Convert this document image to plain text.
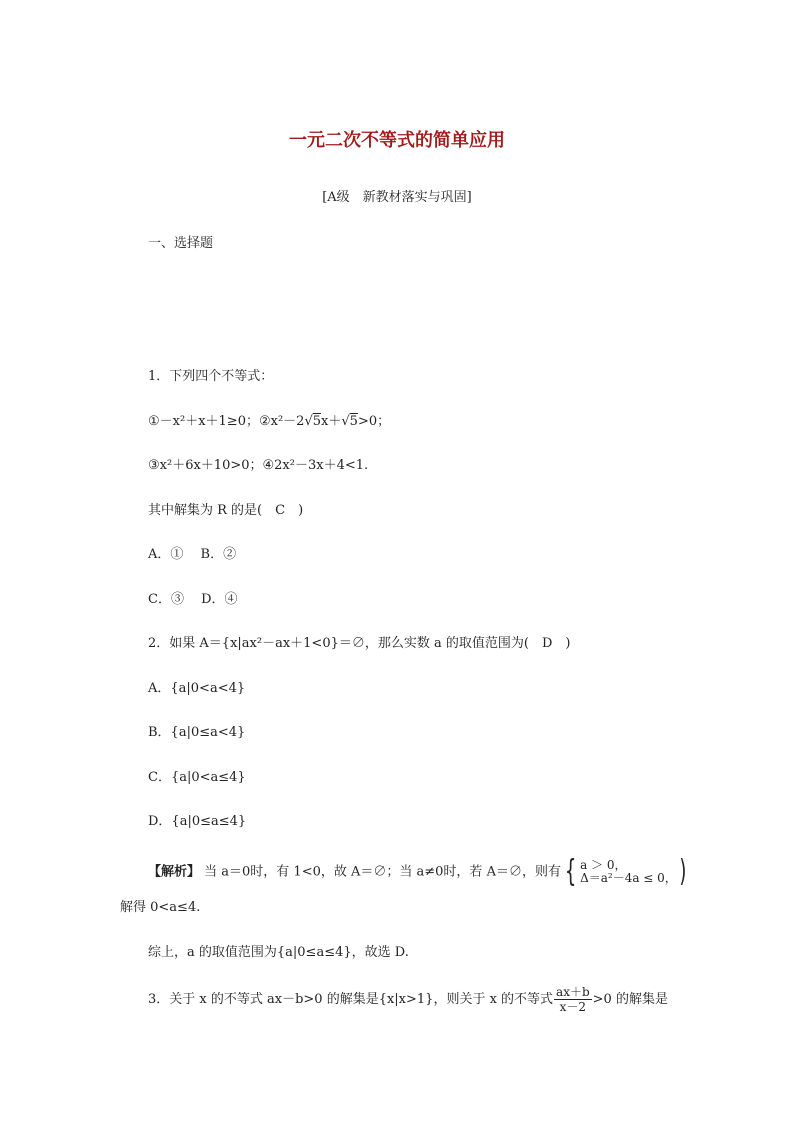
一元二次不等式的简单应用
[A级　新教材落实与巩固]
一、选择题
1．下列四个不等式：
①－x²＋x＋1≥0；②x²－2√5x＋√5>0；
③x²＋6x＋10>0；④2x²－3x＋4<1.
其中解集为 R 的是(　C　)
A．①　 B．②
C．③　 D．④
2．如果 A＝{x|ax²－ax＋1<0}＝∅，那么实数 a 的取值范围为(　D　)
A．{a|0<a<4}
B．{a|0≤a<4}
C．{a|0<a≤4}
D．{a|0≤a≤4}
【解析】 当 a＝0时，有 1<0，故 A＝∅；当 a≠0时，若 A＝∅，则有 { a ＞ 0，
Δ＝a²－4a ≤ 0， )
解得 0<a≤4.
综上，a 的取值范围为{a|0≤a≤4}，故选 D.
3．关于 x 的不等式 ax－b>0 的解集是{x|x>1}，则关于 x 的不等式 $\frac{ax+b}{x-2} >0$ 的解集是
